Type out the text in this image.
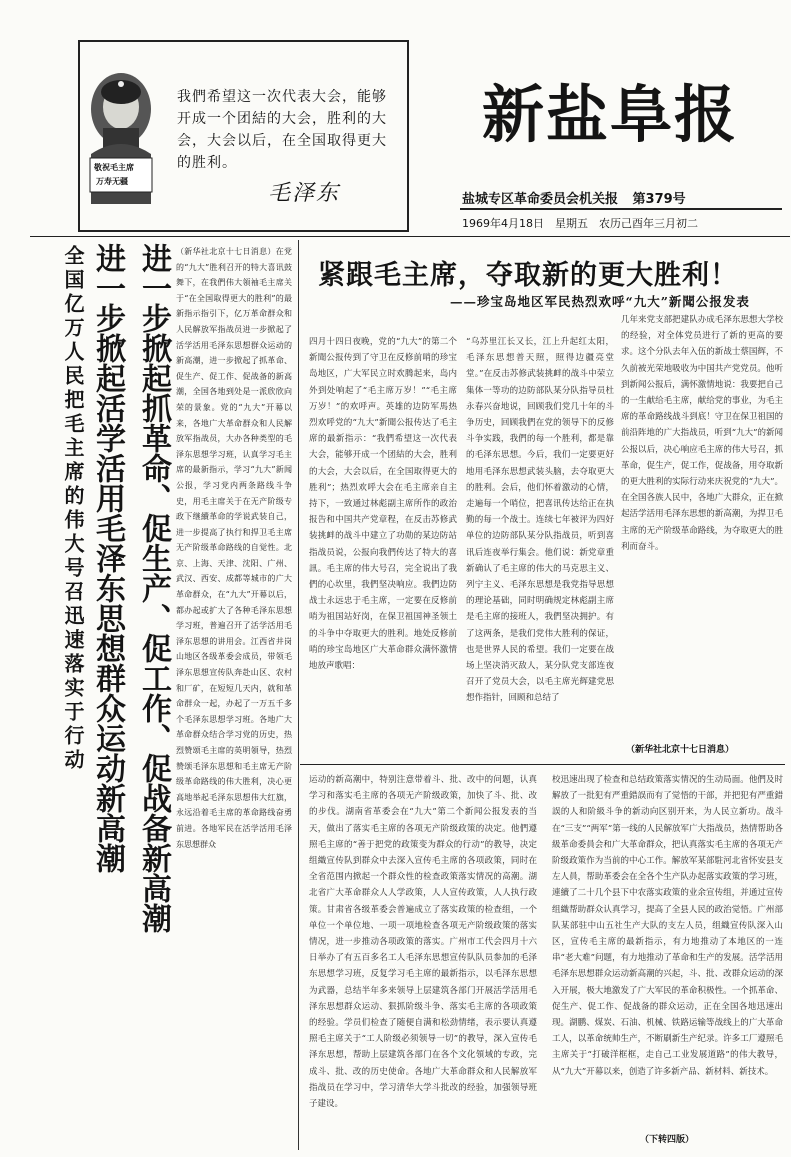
敬祝毛主席
万寿无疆
我們希望这一次代表大会，能够开成一个团結的大会，胜利的大会，大会以后，在全国取得更大的胜利。
毛泽东
新盐阜报
盐城专区革命委员会机关报 第379号
1969年4月18日　星期五　农历己酉年三月初二
全国亿万人民把毛主席的伟大号召迅速落实于行动 进一步掀起抓革命、促生产、促工作、促战备新高潮
进一步掀起活学活用毛泽东思想群众运动新高潮	（新华社北京十七日消息）在党的“九大”胜利召开的特大喜讯鼓舞下，在我們伟大領袖毛主席关于“在全国取得更大的胜利”的最新指示指引下，亿万革命群众和人民解放军指战员进一步掀起了活学活用毛泽东思想群众运动的新高潮，进一步掀起了抓革命、促生产、促工作、促战备的新高潮，全国各地到处是一派欣欣向荣的景象。党的“九大”开幕以来，各地广大革命群众和人民解放军指战员，大办各种类型的毛泽东思想学习班，认真学习毛主席的最新指示，学习“九大”新闻公报，学习党内两条路线斗争史，用毛主席关于在无产阶级专政下继續革命的学说武装自己，进一步提高了执行和捍卫毛主席无产阶级革命路线的自觉性。北京、上海、天津、沈阳、广州、武汉、西安、成都等城市的广大革命群众，在“九大”开幕以后，都办起或扩大了各种毛泽东思想学习班，普遍召开了活学活用毛泽东思想的讲用会。江西省井岗山地区各级革委会成员，带领毛泽东思想宣传队奔赴山区、农村和厂矿，在短短几天内，就和革命群众一起，办起了一万五千多个毛泽东思想学习班。各地广大革命群众结合学习党的历史，热烈赞颂毛主席的英明領导，热烈赞颂毛泽东思想和毛主席无产阶级革命路线的伟大胜利，决心更高地举起毛泽东思想伟大红旗，永远沿着毛主席的革命路线奋勇前进。各地军民在活学活用毛泽东思想群众
紧跟毛主席，夺取新的更大胜利！
——珍宝岛地区军民热烈欢呼“九大”新聞公报发表
四月十四日夜晚，党的“九大”的第二个新聞公报传到了守卫在反修前哨的珍宝岛地区，广大军民立时欢腾起来，岛内外到处响起了“毛主席万岁！”“毛主席万岁！”的欢呼声。英雄的边防军馬热烈欢呼党的“九大”新聞公报传达了毛主席的最新指示：“我們希望这一次代表大会，能够开成一个团結的大会，胜利的大会，大会以后，在全国取得更大的胜利”；热烈欢呼大会在毛主席亲自主持下，一致通过林彪副主席所作的政治报告和中国共产党章程，在反击苏修武装挑衅的战斗中建立了功勋的某边防站指战员说，公报向我們传达了特大的喜訊。毛主席的伟大号召，完全说出了我們的心坎里，我們坚决响应。我們边防战士永远忠于毛主席，一定要在反修前哨为祖国站好岗，在保卫祖国神圣领土的斗争中夺取更大的胜利。地处反修前哨的珍宝岛地区广大革命群众满怀激情地放声歌唱：
“乌苏里江长又长，江上升起红太阳，毛泽东思想普天照，照得边疆亮堂堂。”在反击苏修武装挑衅的战斗中荣立集体一等功的边防部队某分队指导员杜永春兴奋地说，回顾我们党几十年的斗争历史，回顾我們在党的领导下的反修斗争实践，我們的每一个胜利，都是靠的毛泽东思想。今后，我们一定要更好地用毛泽东思想武装头脑，去夺取更大的胜利。会后，他们怀着激动的心情，走遍每一个哨位，把喜讯传达给正在执勤的每一个战士。连续七年被评为四好单位的边防部队某分队指战员，听到喜讯后连夜举行集会。他们说：新党章重新确认了毛主席的伟大的马克思主义、列宁主义、毛泽东思想是我党指导思想的理论基础，同时明确规定林彪副主席是毛主席的接班人，我們坚决拥护。有了这两条，是我们党伟大胜利的保证，也是世界人民的希望。我们一定要在战场上坚决消灭敌人，某分队党支部连夜召开了党员大会，以毛主席光辉建党思想作指针，回顾和总结了
几年来党支部把建队办成毛泽东思想大学校的经验，对全体党员进行了新的更高的要求。这个分队去年入伍的新战士蔡国辉，不久前被光荣地吸收为中国共产党党员。他听到新闻公报后，满怀激情地说：我要把自己的一生献给毛主席，献给党的事业，为毛主席的革命路线战斗到底！守卫在保卫祖国的前沿阵地的广大指战员，听到“九大”的新闻公报以后，决心响应毛主席的伟大号召，抓革命，促生产，促工作，促战备，用夺取新的更大胜利的实际行动来庆祝党的“九大”。在全国各族人民中，各地广大群众，正在掀起活学活用毛泽东思想的新高潮，为捍卫毛主席的无产阶级革命路线，为夺取更大的胜利而奋斗。
（新华社北京十七日消息）
运动的新高潮中，特别注意带着斗、批、改中的问题，认真学习和落实毛主席的各项无产阶级政策，加快了斗、批、改的步伐。湖南省革委会在“九大”第二个新闻公报发表的当天，做出了落实毛主席的各项无产阶级政策的决定。他們遵照毛主席的“善于把党的政策变为群众的行动”的教导，决定组織宣传队到群众中去深入宣传毛主席的各项政策，同时在全省范围内掀起一个群众性的检查政策落实情况的高潮。湖北省广大革命群众人人学政策，人人宣传政策，人人执行政策。甘肃省各级革委会普遍成立了落实政策的检查组，一个单位一个单位地、一项一项地检查各项无产阶级政策的落实情况，进一步推动各项政策的落实。广州市工代会四月十六日举办了有五百多名工人毛泽东思想宣传队队员参加的毛泽东思想学习班，反复学习毛主席的最新指示，以毛泽东思想为武器，总结半年多来领导上层建筑各部门开展活学活用毛泽东思想群众运动、狠抓阶级斗争、落实毛主席的各项政策的经验。学员们检查了随便自满和松劲情绪，表示要认真遵照毛主席关于“工人阶级必须领导一切”的教导，深入宣传毛泽东思想，帮助上层建筑各部门在各个文化領域的专政，完成斗、批、改的历史使命。各地广大革命群众和人民解放军指战员在学习中，学习清华大学斗批改的经验，加强领导班子建设。
校迅速出现了检查和总结政策落实情况的生动局面。他們及时解放了一批犯有严重錯誤而有了觉悟的干部，并把犯有严重錯誤的人和阶級斗争的新动向区别开来，为人民立新功。战斗在“三支”“两军”第一线的人民解放军广大指战员，热情帮助各級革命委員会和广大革命群众，把认真落实毛主席的各项无产阶级政策作为当前的中心工作。解放军某部駐河北省怀安县支左人員，帮助革委会在全各个生产队办起落实政策的学习班，連續了二十几个县下中农落实政策的业余宣传组，并通过宣传组織帮助群众认真学习，提高了全县人民的政治觉悟。广州部队某部驻中山五社生产大队的支左人员，组織宣传队深入山区，宣传毛主席的最新指示，有力地推动了本地区的一连串“老大难”问题，有力地推动了革命和生产的发展。活学活用毛泽东思想群众运动新高潮的兴起，斗、批、改群众运动的深入开展，极大地激发了广大军民的革命积极性。一个抓革命、促生产、促工作、促战备的群众运动，正在全国各地迅速出现。湖鹏、煤炭、石油、机械、铁路运输等战线上的广大革命工人，以革命统帅生产，不断刷新生产纪录。许多工厂遵照毛主席关于“打破洋框框，走自己工业发展道路”的伟大教导，从“九大”开幕以来，创造了许多新产品、新材料、新技术。
（下转四版）
